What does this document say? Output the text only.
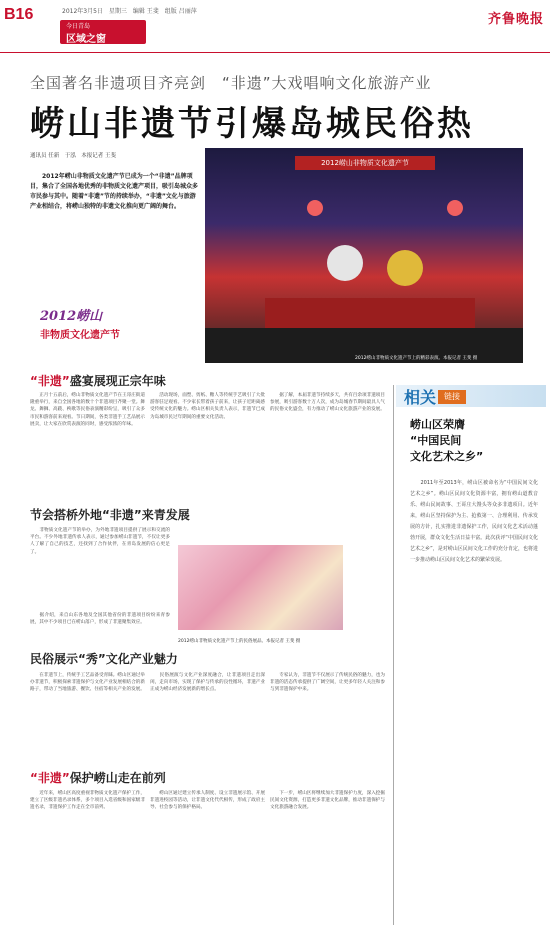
B16	2012年3月5日　星期三　编辑 王斐　组版 吕丽萍
今日青岛
区域之窗
齐鲁晚报
全国著名非遗项目齐亮剑　“非遗”大戏唱响文化旅游产业
崂山非遗节引爆岛城民俗热
通讯员 任新　于泓　本报记者 王斐
　　2012年崂山非物质文化遗产节已成为一个“非遗”品牌项目，集合了全国各地优秀的非物质文化遗产项目，吸引岛城众多市民参与其中。随着“非遗”节的持续举办，“非遗”文化与旅游产业相结合，将崂山独特的非遗文化推向更广阔的舞台。
2012崂山
非物质文化遗产节
2012崂山非物质文化遗产节
2012崂山非物质文化遗产节上的精彩表演。本报记者 王斐 摄
“非遗”盛宴展现正宗年味
　　正月十五前后，崂山非物质文化遗产节在王哥庄街道隆重举行，来自全国各地的数十个非遗项目齐聚一堂。舞龙、舞狮、高跷、秧歌等民俗表演精彩纷呈，吸引了众多市民和游客前来观看。节日期间，各类非遗手工艺品展示展卖，让大家在欣赏表演的同时，感受浓浓的年味。
　　活动现场，面塑、剪纸、糖人等传统手艺吸引了大批游客驻足观看。不少家长带着孩子前来，让孩子近距离感受传统文化的魅力。崂山区相关负责人表示，非遗节已成为岛城市民过年期间的重要文化活动。
　　据了解，本届非遗节持续多天，共有百余项非遗项目参展，吸引游客数十万人次，成为岛城春节期间最具人气的民俗文化盛会，有力推动了崂山文化旅游产业的发展。
节会搭桥外地“非遗”来青发展
　　非物质文化遗产节的举办，为外地非遗项目提供了展示和交流的平台。不少外地非遗传承人表示，通过参加崂山非遗节，不仅让更多人了解了自己的技艺，还找到了合作伙伴，在青岛发展的信心更足了。
　　据介绍，来自山东各地及全国其他省份的非遗项目纷纷来青参展，其中不少项目已在崂山落户，形成了非遗聚集效应。
2012崂山非物质文化遗产节上的民俗展品。本报记者 王斐 摄
民俗展示“秀”文化产业魅力
　　在非遗节上，传统手工艺品备受青睐。崂山区通过举办非遗节，积极探索非遗保护与文化产业发展相结合的新路子，带动了当地旅游、餐饮、住宿等相关产业的发展。
　　民俗展演与文化产业深度融合，让非遗项目走出深闺，走向市场，实现了保护与传承的良性循环，非遗产业正成为崂山经济发展新的增长点。
　　专家认为，非遗节不仅展示了传统民俗的魅力，也为非遗的活态传承提供了广阔空间，让更多年轻人关注和参与到非遗保护中来。
“非遗”保护崂山走在前列
　　近年来，崂山区高度重视非物质文化遗产保护工作，建立了区级非遗名录体系，多个项目入选省级和国家级非遗名录，非遗保护工作走在全市前列。
　　崂山区通过建立传承人制度、设立非遗展示馆、开展非遗进校园等活动，让非遗文化代代相传，形成了政府主导、社会参与的保护格局。
　　下一步，崂山区将继续加大非遗保护力度，深入挖掘民间文化资源，打造更多非遗文化品牌，推动非遗保护与文化旅游融合发展。
相关 链接
崂山区荣膺
“中国民间
文化艺术之乡”
　　2011年至2013年，崂山区被命名为“中国民间文化艺术之乡”。崂山区民间文化资源丰富，拥有崂山道教音乐、崂山民间故事、王哥庄大馒头等众多非遗项目。近年来，崂山区坚持保护为主、抢救第一、合理利用、传承发展的方针，扎实推进非遗保护工作，民间文化艺术活动蓬勃开展，群众文化生活日益丰富。此次获评“中国民间文化艺术之乡”，是对崂山区民间文化工作的充分肯定，也将进一步推动崂山区民间文化艺术的繁荣发展。
